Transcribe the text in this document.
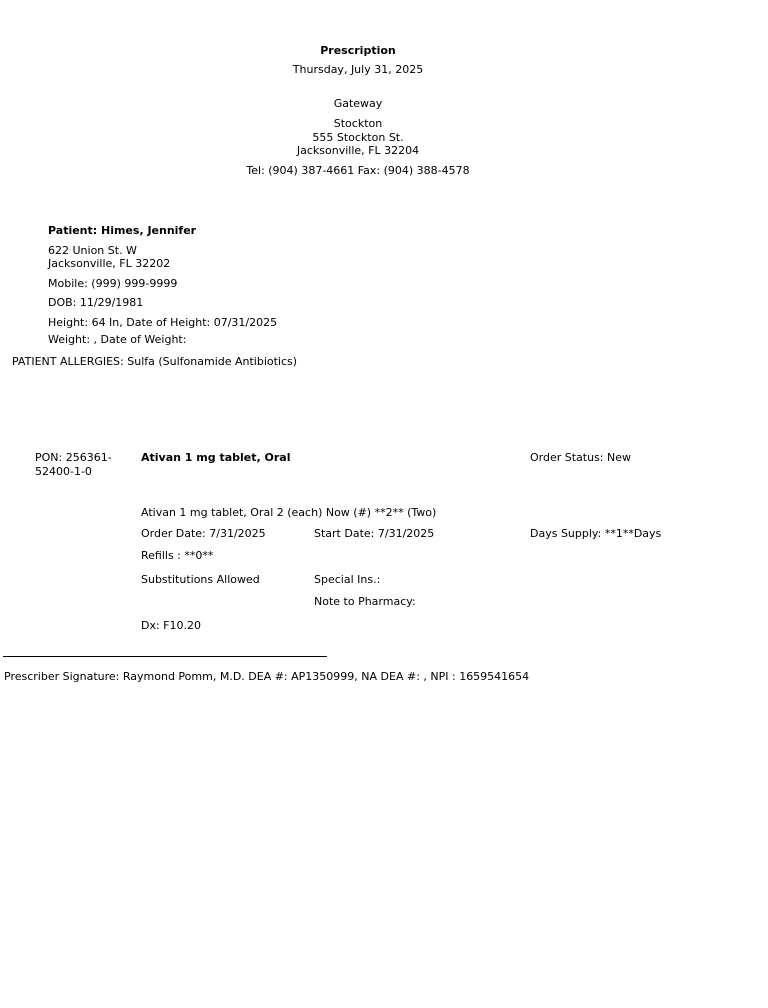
Prescription
Thursday, July 31, 2025
Gateway
Stockton
555 Stockton St.
Jacksonville, FL 32204
Tel: (904) 387-4661 Fax: (904) 388-4578
Patient: Himes, Jennifer
622 Union St. W
Jacksonville, FL 32202
Mobile: (999) 999-9999
DOB: 11/29/1981
Height: 64 In, Date of Height: 07/31/2025
Weight: , Date of Weight:
PATIENT ALLERGIES: Sulfa (Sulfonamide Antibiotics)
PON: 256361-52400-1-0
Ativan 1 mg tablet, Oral	Order Status: New
Ativan 1 mg tablet, Oral 2 (each) Now (#) **2** (Two)
Order Date: 7/31/2025	Start Date: 7/31/2025	Days Supply: **1**Days
Refills : **0**
Substitutions Allowed	Special Ins.:
Note to Pharmacy:
Dx: F10.20
Prescriber Signature: Raymond Pomm, M.D. DEA #: AP1350999, NA DEA #: , NPI : 1659541654
